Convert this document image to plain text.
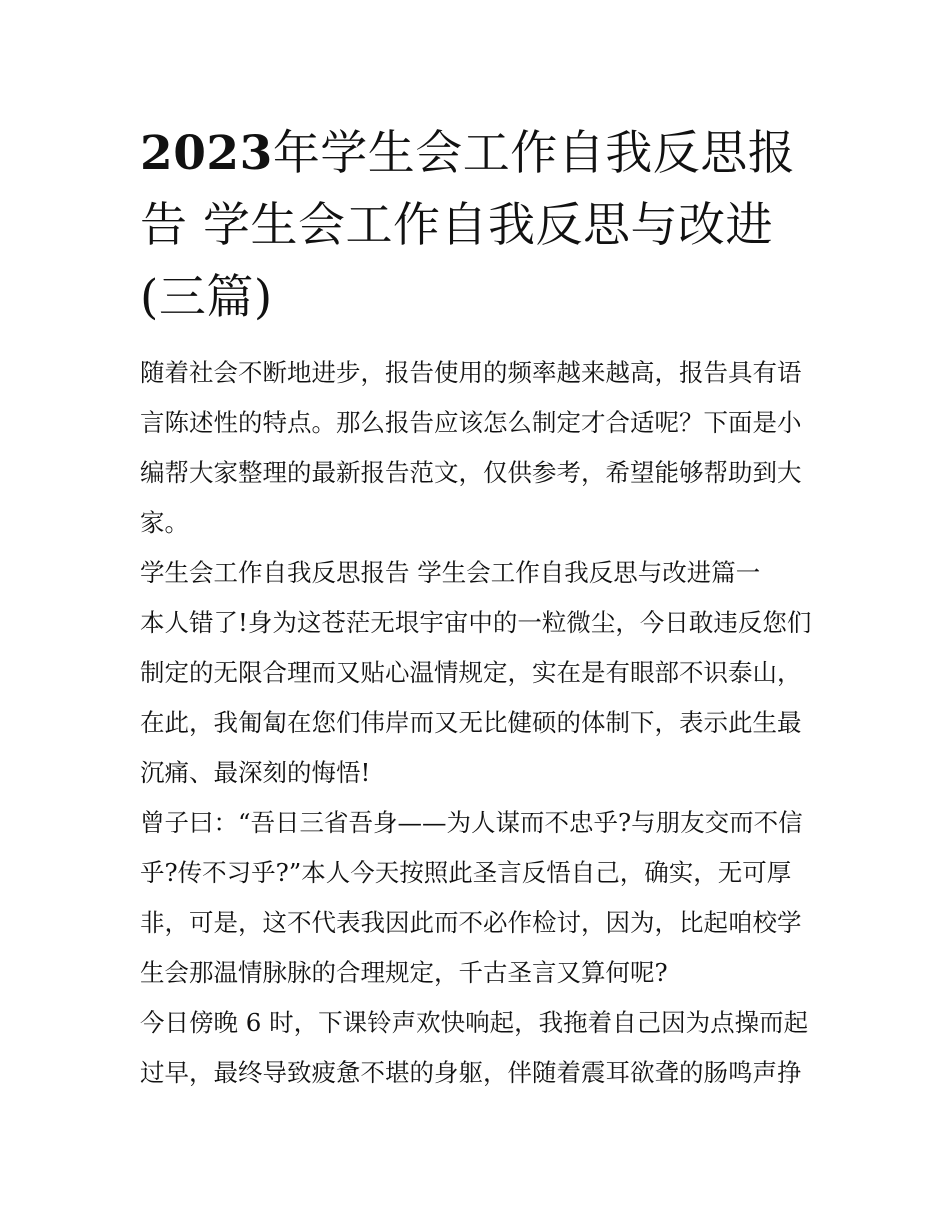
2023年学生会工作自我反思报告 学生会工作自我反思与改进(三篇)

随着社会不断地进步，报告使用的频率越来越高，报告具有语言陈述性的特点。那么报告应该怎么制定才合适呢？下面是小编帮大家整理的最新报告范文，仅供参考，希望能够帮助到大家。

学生会工作自我反思报告 学生会工作自我反思与改进篇一

本人错了!身为这苍茫无垠宇宙中的一粒微尘，今日敢违反您们制定的无限合理而又贴心温情规定，实在是有眼部不识泰山，在此，我匍匐在您们伟岸而又无比健硕的体制下，表示此生最沉痛、最深刻的悔悟!

曾子曰：“吾日三省吾身——为人谋而不忠乎?与朋友交而不信乎?传不习乎?”本人今天按照此圣言反悟自己，确实，无可厚非，可是，这不代表我因此而不必作检讨，因为，比起咱校学生会那温情脉脉的合理规定，千古圣言又算何呢?

今日傍晚 6 时，下课铃声欢快响起，我拖着自己因为点操而起过早，最终导致疲惫不堪的身躯，伴随着震耳欲聋的肠鸣声挣
